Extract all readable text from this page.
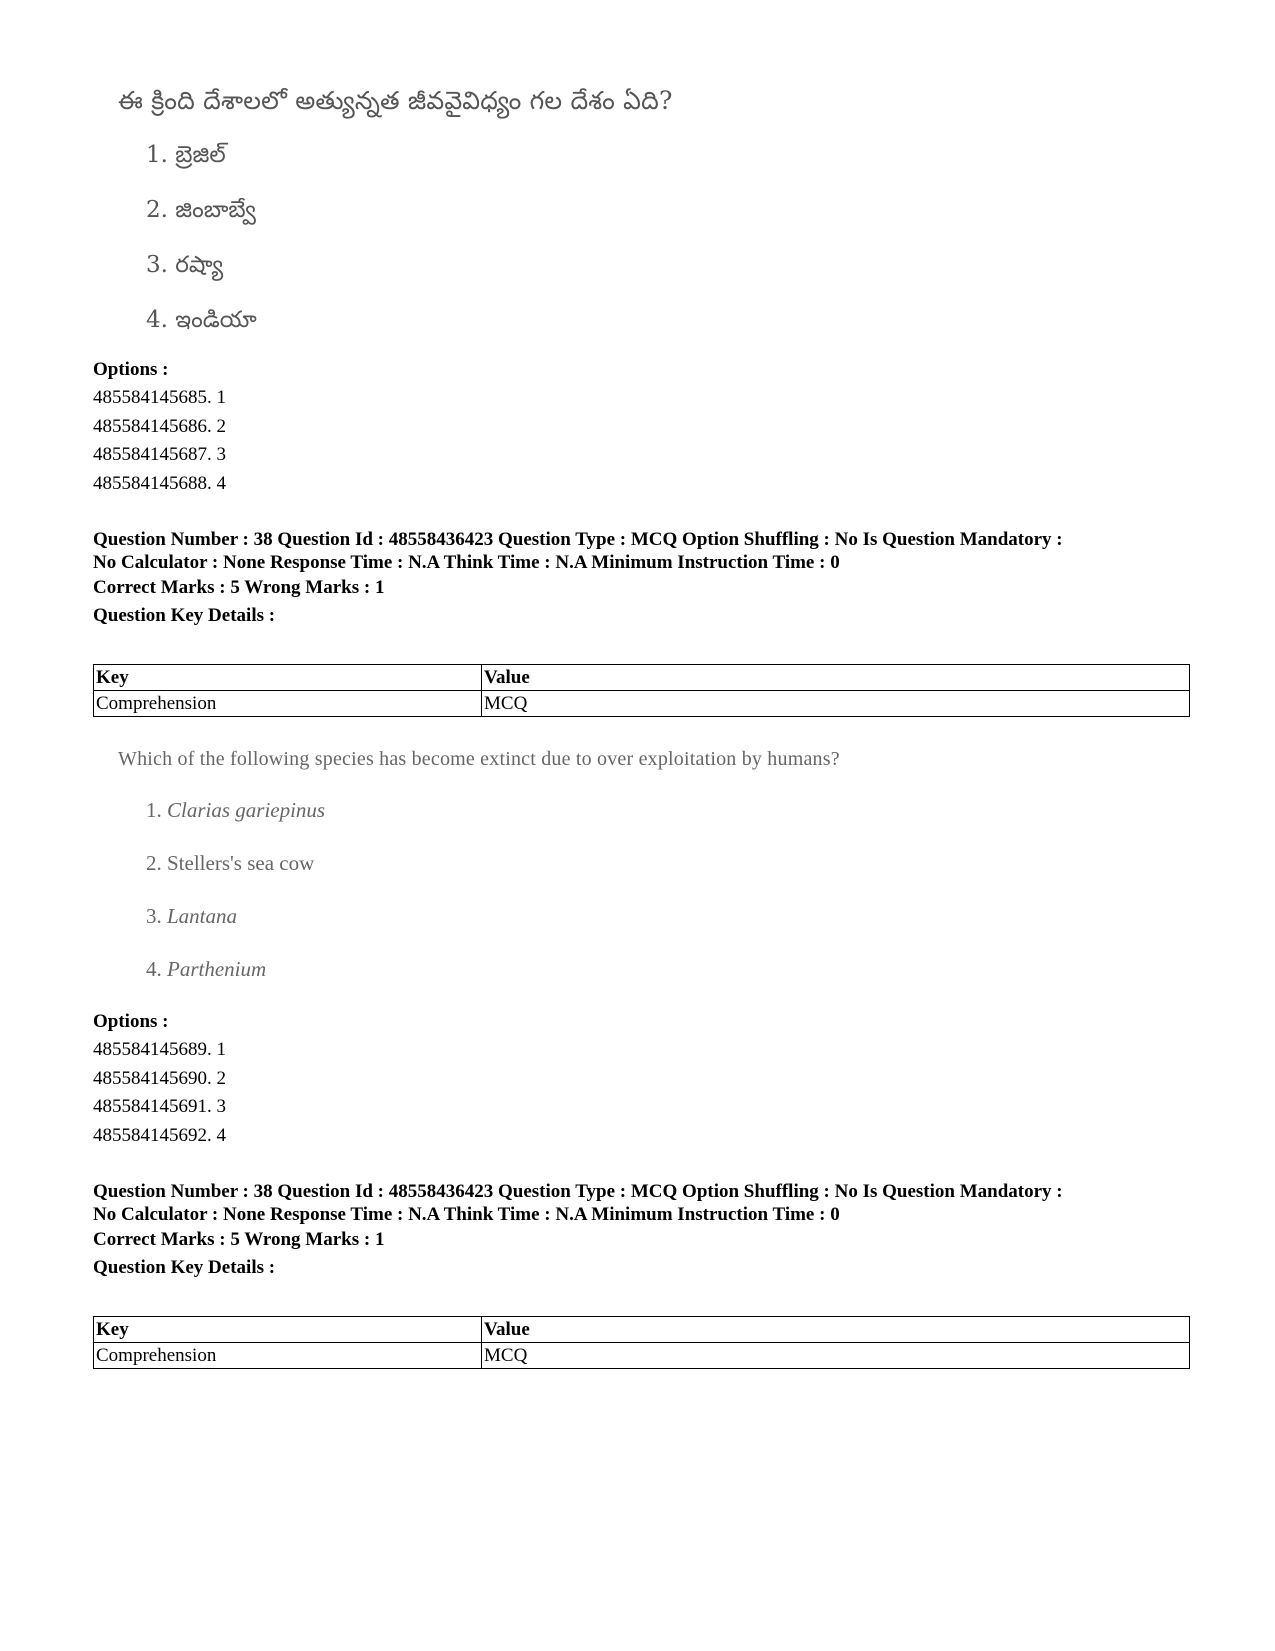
ఈ క్రింది దేశాలలో అత్యున్నత జీవవైవిధ్యం గల దేశం ఏది?
1. బ్రెజిల్
2. జింబాబ్వే
3. రష్యా
4. ఇండియా

Options :

485584145685. 1

485584145686. 2

485584145687. 3

485584145688. 4

Question Number : 38 Question Id : 48558436423 Question Type : MCQ Option Shuffling : No Is Question Mandatory :

No Calculator : None Response Time : N.A Think Time : N.A Minimum Instruction Time : 0

Correct Marks : 5 Wrong Marks : 1

Question Key Details :

Key	Value
Comprehension	MCQ
Which of the following species has become extinct due to over exploitation by humans?
1. Clarias gariepinus
2. Stellers's sea cow
3. Lantana
4. Parthenium

Options :

485584145689. 1

485584145690. 2

485584145691. 3

485584145692. 4

Question Number : 38 Question Id : 48558436423 Question Type : MCQ Option Shuffling : No Is Question Mandatory :

No Calculator : None Response Time : N.A Think Time : N.A Minimum Instruction Time : 0

Correct Marks : 5 Wrong Marks : 1

Question Key Details :

Key	Value
Comprehension	MCQ
